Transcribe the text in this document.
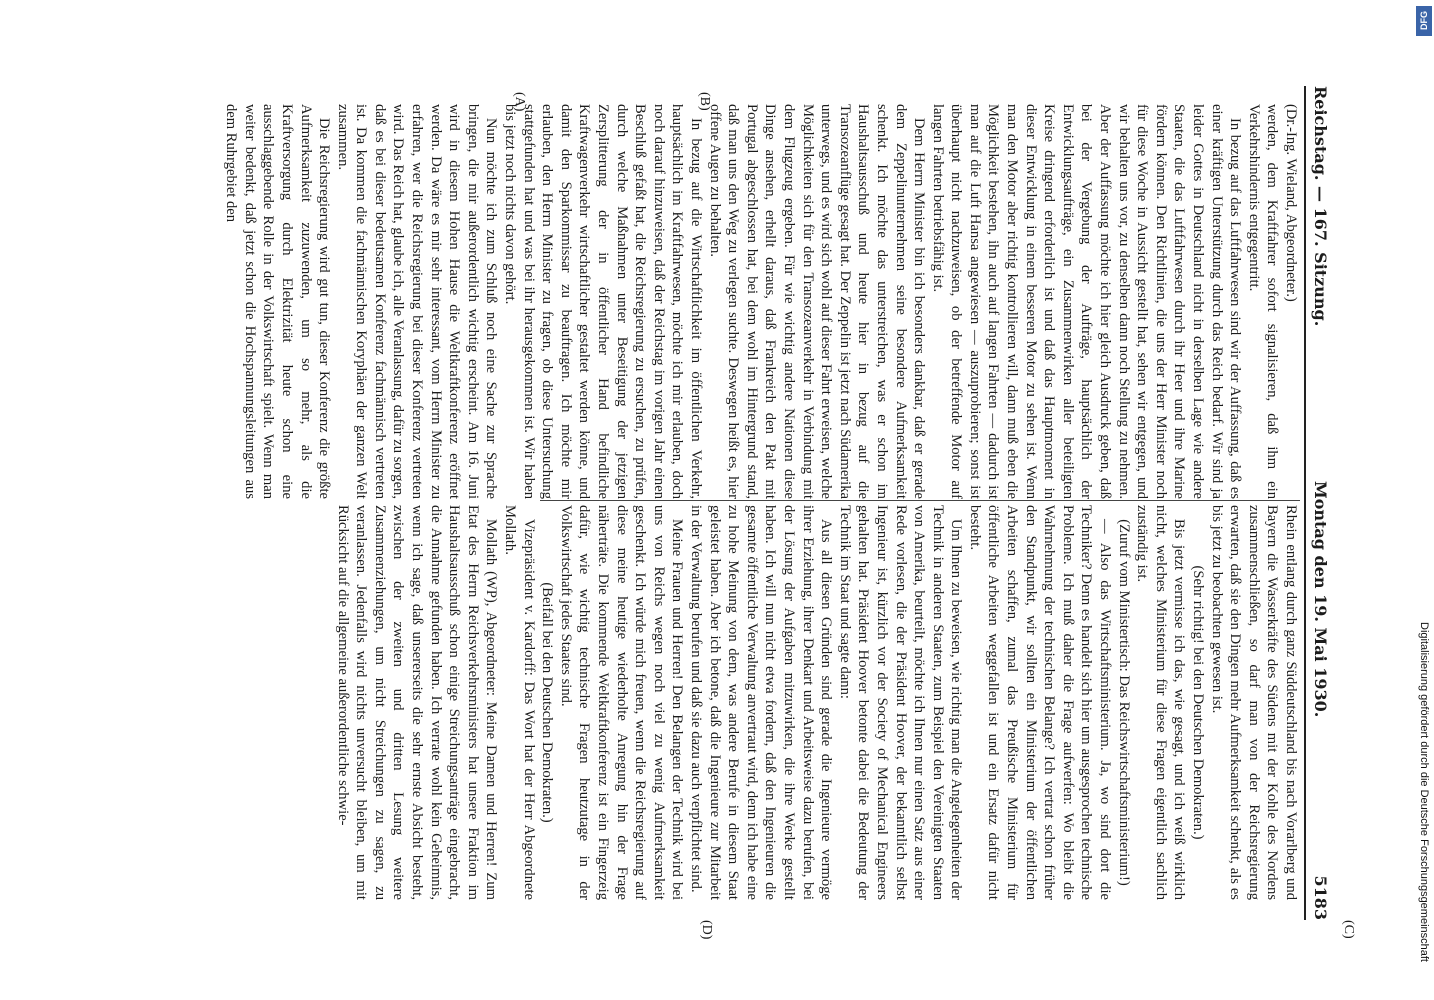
Reichstag. — 167. Sitzung.
Montag den 19. Mai 1930.
5183

(Dr.-Ing. Wieland, Abgeordneter.)

werden, dem Kraftfahrer sofort signalisieren, daß ihm ein Verkehrshindernis entgegentritt.

In bezug auf das Luftfahrwesen sind wir der Auffassung, daß es einer kräftigen Unterstützung durch das Reich bedarf. Wir sind ja leider Gottes in Deutschland nicht in derselben Lage wie andere Staaten, die das Luftfahrwesen durch ihr Heer und ihre Marine fördern können. Den Richtlinien, die uns der Herr Minister noch für diese Woche in Aussicht gestellt hat, sehen wir entgegen, und wir behalten uns vor, zu denselben dann noch Stellung zu nehmen. Aber der Auffassung möchte ich hier gleich Ausdruck geben, daß bei der Vergebung der Aufträge, hauptsächlich der Entwicklungsaufträge, ein Zusammenwirken aller beteiligten Kreise dringend erforderlich ist und daß das Hauptmoment in dieser Entwicklung in einem besseren Motor zu sehen ist. Wenn man den Motor aber richtig kontrollieren will, dann muß eben die Möglichkeit bestehen, ihn auch auf langen Fahrten — dadurch ist man auf die Luft Hansa angewiesen — auszuprobieren; sonst ist überhaupt nicht nachzuweisen, ob der betreffende Motor auf langen Fahrten betriebsfähig ist.

Dem Herrn Minister bin ich besonders dankbar, daß er gerade dem Zeppelinunternehmen seine besondere Aufmerksamkeit schenkt. Ich möchte das unterstreichen, was er schon im Haushaltsausschuß und heute hier in bezug auf die Transozeanflüge gesagt hat. Der Zeppelin ist jetzt nach Südamerika unterwegs, und es wird sich wohl auf dieser Fahrt erweisen, welche Möglichkeiten sich für den Transozeanverkehr in Verbindung mit dem Flugzeug ergeben. Für wie wichtig andere Nationen diese Dinge ansehen, erhellt daraus, daß Frankreich den Pakt mit Portugal abgeschlossen hat, bei dem wohl im Hintergrund stand, daß man uns den Weg zu verlegen suchte. Deswegen heißt es, hier offene Augen zu behalten.

In bezug auf die Wirtschaftlichkeit im öffentlichen Verkehr, hauptsächlich im Kraftfahrwesen, möchte ich mir erlauben, doch noch darauf hinzuweisen, daß der Reichstag im vorigen Jahr einen Beschluß gefaßt hat, die Reichsregierung zu ersuchen, zu prüfen, durch welche Maßnahmen unter Beseitigung der jetzigen Zersplitterung der in öffentlicher Hand befindliche Kraftwagenverkehr wirtschaftlicher gestaltet werden könne, und damit den Sparkommissar zu beauftragen. Ich möchte mir erlauben, den Herrn Minister zu fragen, ob diese Untersuchung stattgefunden hat und was bei ihr herausgekommen ist. Wir haben bis jetzt noch nichts davon gehört.

Nun möchte ich zum Schluß noch eine Sache zur Sprache bringen, die mir außerordentlich wichtig erscheint. Am 16. Juni wird in diesem Hohen Hause die Weltkraftkonferenz eröffnet werden. Da wäre es mir sehr interessant, vom Herrn Minister zu erfahren, wer die Reichsregierung bei dieser Konferenz vertreten wird. Das Reich hat, glaube ich, alle Veranlassung, dafür zu sorgen, daß es bei dieser bedeutsamen Konferenz fachmännisch vertreten ist. Da kommen die fachmännischen Koryphäen der ganzen Welt zusammen.

Die Reichsregierung wird gut tun, dieser Konferenz die größte Aufmerksamkeit zuzuwenden, um so mehr, als die Kraftversorgung durch Elektrizität heute schon eine ausschlaggebende Rolle in der Volkswirtschaft spielt. Wenn man weiter bedenkt, daß jetzt schon die Hochspannungsleitungen aus dem Ruhrgebiet den

Rhein entlang durch ganz Süddeutschland bis nach Vorarlberg und Bayern die Wasserkräfte des Südens mit der Kohle des Nordens zusammenschließen, so darf man von der Reichsregierung erwarten, daß sie den Dingen mehr Aufmerksamkeit schenkt, als es bis jetzt zu beobachten gewesen ist.

(Sehr richtig! bei den Deutschen Demokraten.)

Bis jetzt vermisse ich das, wie gesagt, und ich weiß wirklich nicht, welches Ministerium für diese Fragen eigentlich sachlich zuständig ist.

(Zuruf vom Ministertisch: Das Reichswirtschaftsministerium!)

— Also das Wirtschaftsministerium. Ja, wo sind dort die Techniker? Denn es handelt sich hier um ausgesprochen technische Probleme. Ich muß daher die Frage aufwerfen: Wo bleibt die Wahrnehmung der technischen Belange? Ich vertrat schon früher den Standpunkt, wir sollten ein Ministerium der öffentlichen Arbeiten schaffen, zumal das Preußische Ministerium für öffentliche Arbeiten weggefallen ist und ein Ersatz dafür nicht besteht.

Um Ihnen zu beweisen, wie richtig man die Angelegenheiten der Technik in anderen Staaten, zum Beispiel den Vereinigten Staaten von Amerika, beurteilt, möchte ich Ihnen nur einen Satz aus einer Rede vorlesen, die der Präsident Hoover, der bekanntlich selbst Ingenieur ist, kürzlich vor der Society of Mechanical Engineers gehalten hat. Präsident Hoover betonte dabei die Bedeutung der Technik im Staat und sagte dann:

Aus all diesen Gründen sind gerade die Ingenieure vermöge ihrer Erziehung, ihrer Denkart und Arbeitsweise dazu berufen, bei der Lösung der Aufgaben mitzuwirken, die ihre Werke gestellt haben. Ich will nun nicht etwa fordern, daß den Ingenieuren die gesamte öffentliche Verwaltung anvertraut wird, denn ich habe eine zu hohe Meinung von dem, was andere Berufe in diesem Staat geleistet haben. Aber ich betone, daß die Ingenieure zur Mitarbeit in der Verwaltung berufen und daß sie dazu auch verpflichtet sind.

Meine Frauen und Herren! Den Belangen der Technik wird bei uns von Reichs wegen noch viel zu wenig Aufmerksamkeit geschenkt. Ich würde mich freuen, wenn die Reichsregierung auf diese meine heutige wiederholte Anregung hin der Frage näherträte. Die kommende Weltkraftkonferenz ist ein Fingerzeig dafür, wie wichtig technische Fragen heutzutage in der Volkswirtschaft jedes Staates sind.

(Beifall bei den Deutschen Demokraten.)

Vizepräsident v. Kardorff: Das Wort hat der Herr Abgeordnete Mollath.

Mollath (WP), Abgeordneter: Meine Damen und Herren! Zum Etat des Herrn Reichsverkehrsministers hat unsere Fraktion im Haushaltsausschuß schon einige Streichungsanträge eingebracht, die Annahme gefunden haben. Ich verrate wohl kein Geheimnis, wenn ich sage, daß unsererseits die sehr ernste Absicht besteht, zwischen der zweiten und dritten Lesung weitere Zusammenziehungen, um nicht Streichungen zu sagen, zu veranlassen. Jedenfalls wird nichts unversucht bleiben, um mit Rücksicht auf die allgemeine außerordentliche schwie-

(A)	(B)
(C)
(D)
DFG
Digitalisierung gefördert durch die Deutsche Forschungsgemeinschaft
